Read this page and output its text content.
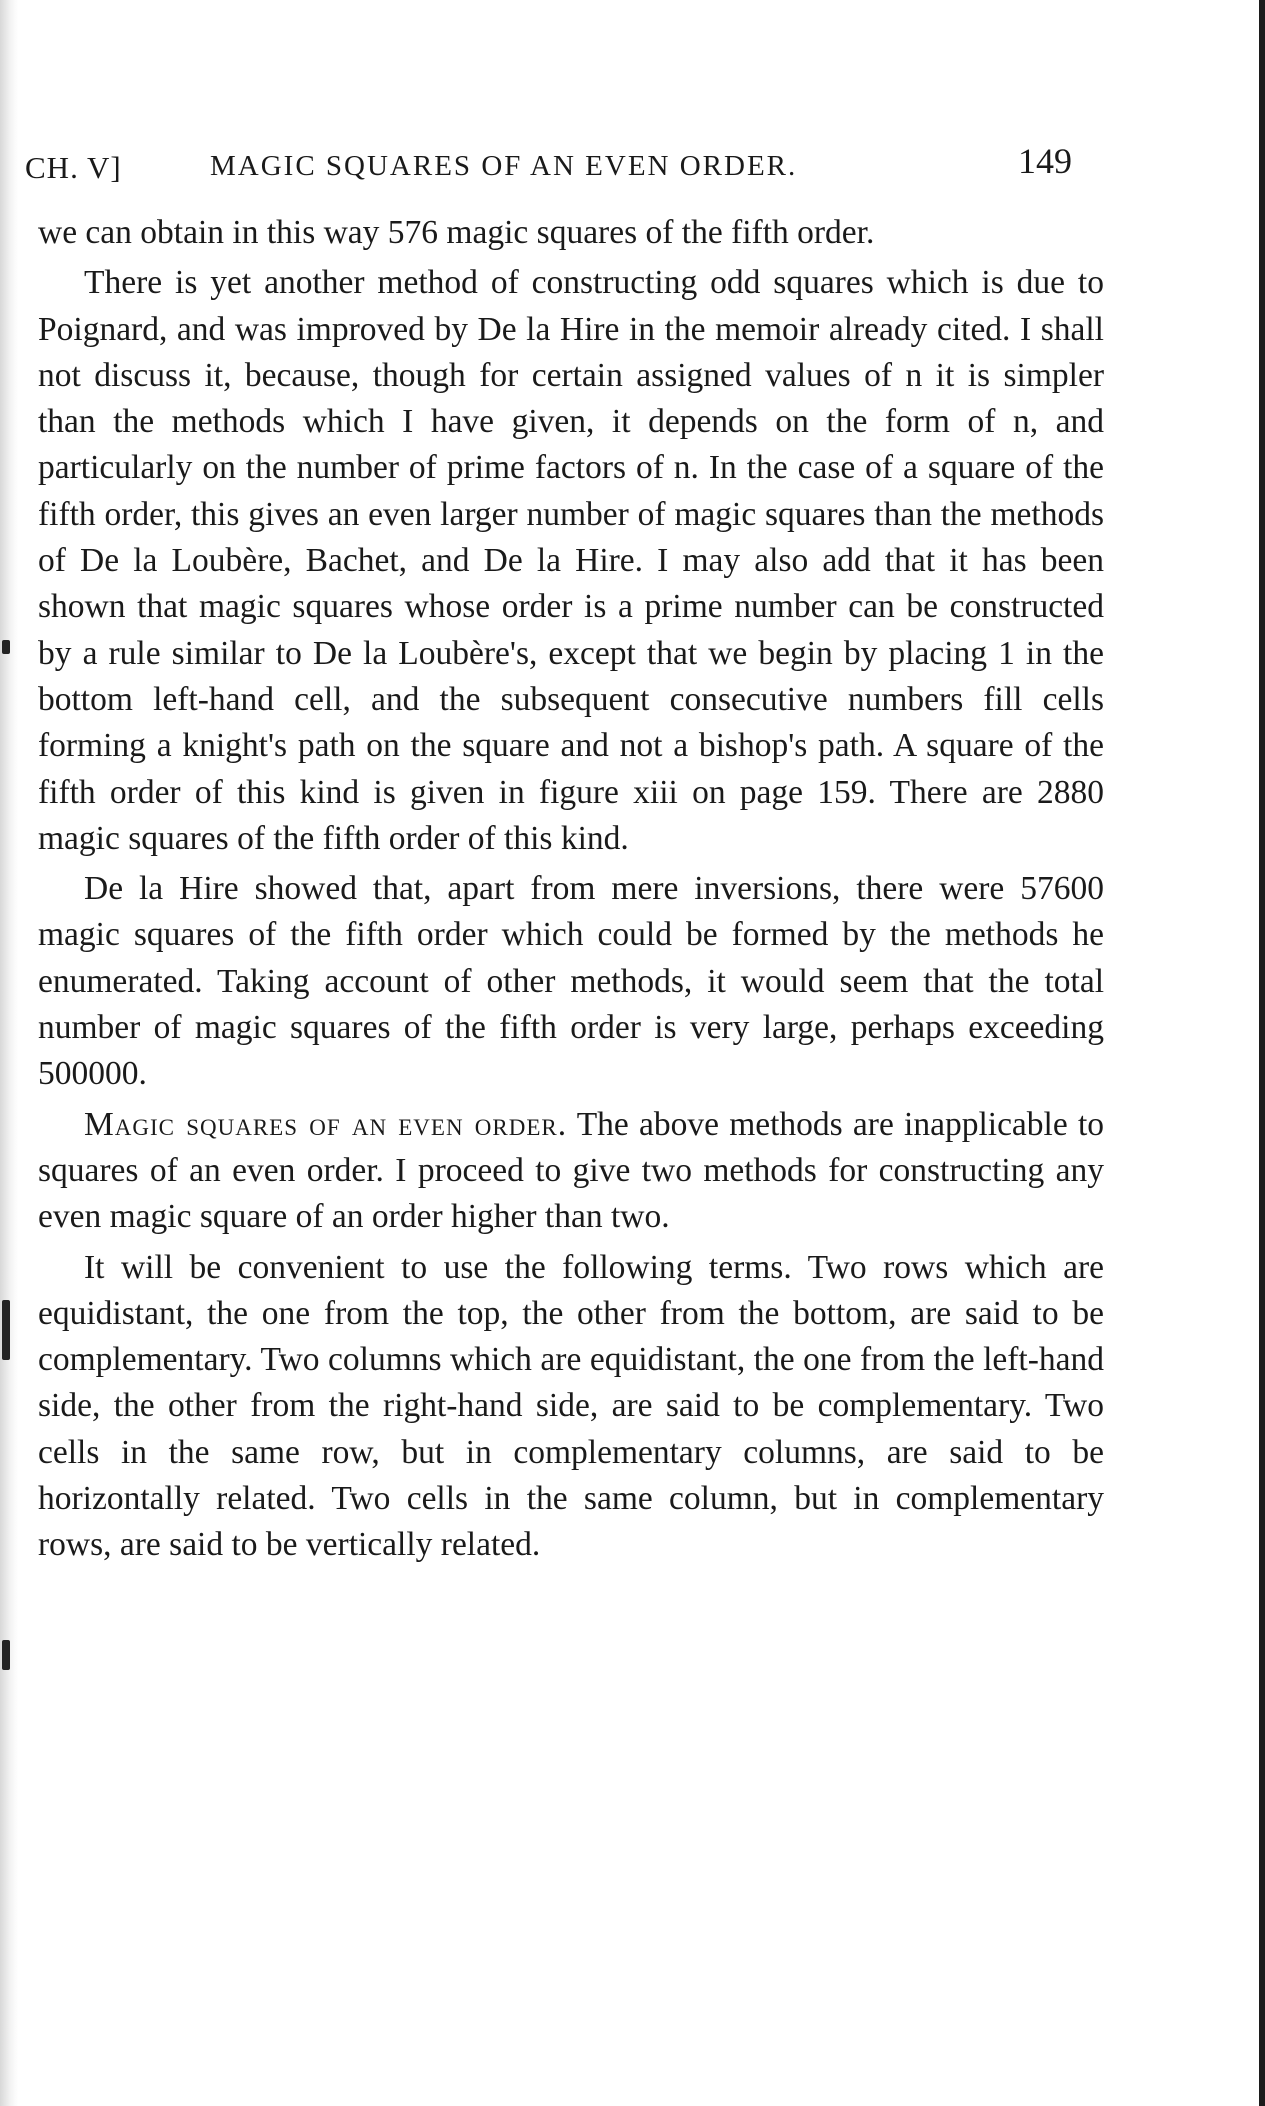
CH. V]	MAGIC SQUARES OF AN EVEN ORDER.	149

we can obtain in this way 576 magic squares of the fifth order.

There is yet another method of constructing odd squares which is due to Poignard, and was improved by De la Hire in the memoir already cited. I shall not discuss it, because, though for certain assigned values of n it is simpler than the methods which I have given, it depends on the form of n, and particularly on the number of prime factors of n. In the case of a square of the fifth order, this gives an even larger number of magic squares than the methods of De la Loubère, Bachet, and De la Hire. I may also add that it has been shown that magic squares whose order is a prime number can be constructed by a rule similar to De la Loubère's, except that we begin by placing 1 in the bottom left-hand cell, and the subsequent consecutive numbers fill cells forming a knight's path on the square and not a bishop's path. A square of the fifth order of this kind is given in figure xiii on page 159. There are 2880 magic squares of the fifth order of this kind.

De la Hire showed that, apart from mere inversions, there were 57600 magic squares of the fifth order which could be formed by the methods he enumerated. Taking account of other methods, it would seem that the total number of magic squares of the fifth order is very large, perhaps exceeding 500000.

Magic squares of an even order. The above methods are inapplicable to squares of an even order. I proceed to give two methods for constructing any even magic square of an order higher than two.

It will be convenient to use the following terms. Two rows which are equidistant, the one from the top, the other from the bottom, are said to be complementary. Two columns which are equidistant, the one from the left-hand side, the other from the right-hand side, are said to be complementary. Two cells in the same row, but in complementary columns, are said to be horizontally related. Two cells in the same column, but in complementary rows, are said to be vertically related.
